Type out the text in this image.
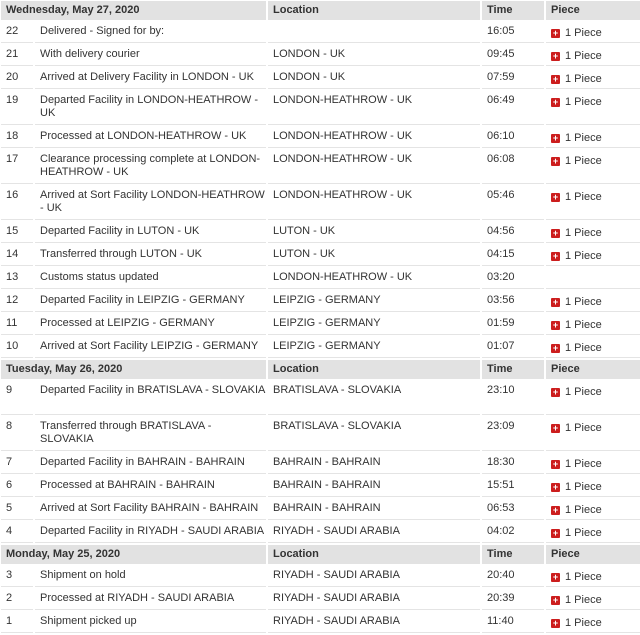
Wednesday, May 27, 2020		Location	Time	Piece
22	Delivered - Signed for by:		16:05	+ 1 Piece

21	With delivery courier	LONDON - UK	09:45	+ 1 Piece

20	Arrived at Delivery Facility in LONDON - UK	LONDON - UK	07:59	+ 1 Piece

19	Departed Facility in LONDON-HEATHROW - UK	LONDON-HEATHROW - UK	06:49	+ 1 Piece

18	Processed at LONDON-HEATHROW - UK	LONDON-HEATHROW - UK	06:10	+ 1 Piece

17	Clearance processing complete at LONDON-HEATHROW - UK	LONDON-HEATHROW - UK	06:08	+ 1 Piece

16	Arrived at Sort Facility LONDON-HEATHROW - UK	LONDON-HEATHROW - UK	05:46	+ 1 Piece

15	Departed Facility in LUTON - UK	LUTON - UK	04:56	+ 1 Piece

14	Transferred through LUTON - UK	LUTON - UK	04:15	+ 1 Piece

13	Customs status updated	LONDON-HEATHROW - UK	03:20	
12	Departed Facility in LEIPZIG - GERMANY	LEIPZIG - GERMANY	03:56	+ 1 Piece

11	Processed at LEIPZIG - GERMANY	LEIPZIG - GERMANY	01:59	+ 1 Piece

10	Arrived at Sort Facility LEIPZIG - GERMANY	LEIPZIG - GERMANY	01:07	+ 1 Piece

Tuesday, May 26, 2020		Location	Time	Piece
9	Departed Facility in BRATISLAVA - SLOVAKIA	BRATISLAVA - SLOVAKIA	23:10	+ 1 Piece

8	Transferred through BRATISLAVA - SLOVAKIA	BRATISLAVA - SLOVAKIA	23:09	+ 1 Piece

7	Departed Facility in BAHRAIN - BAHRAIN	BAHRAIN - BAHRAIN	18:30	+ 1 Piece

6	Processed at BAHRAIN - BAHRAIN	BAHRAIN - BAHRAIN	15:51	+ 1 Piece

5	Arrived at Sort Facility BAHRAIN - BAHRAIN	BAHRAIN - BAHRAIN	06:53	+ 1 Piece

4	Departed Facility in RIYADH - SAUDI ARABIA	RIYADH - SAUDI ARABIA	04:02	+ 1 Piece

Monday, May 25, 2020		Location	Time	Piece
3	Shipment on hold	RIYADH - SAUDI ARABIA	20:40	+ 1 Piece

2	Processed at RIYADH - SAUDI ARABIA	RIYADH - SAUDI ARABIA	20:39	+ 1 Piece

1	Shipment picked up	RIYADH - SAUDI ARABIA	11:40	+ 1 Piece
